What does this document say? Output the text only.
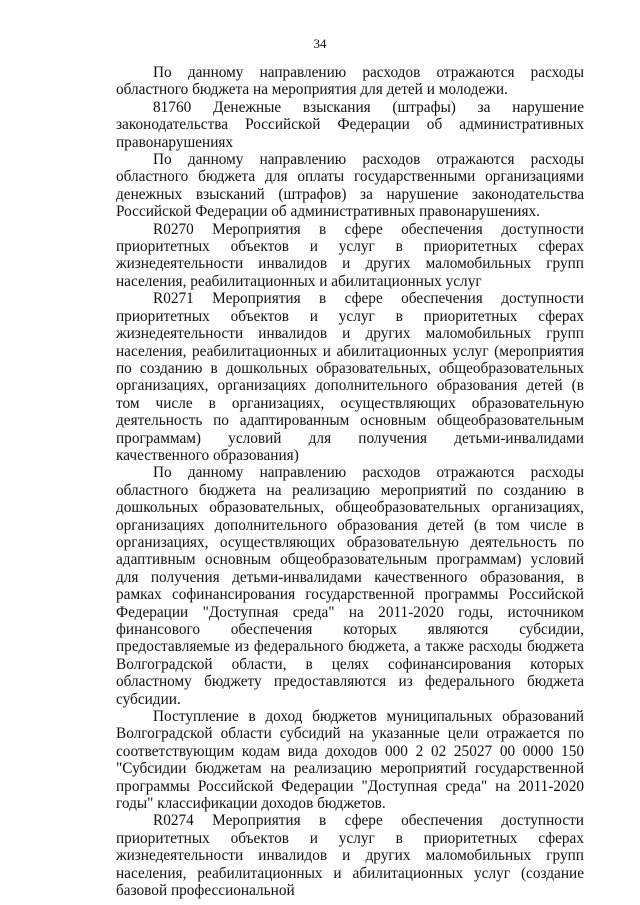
34

По данному направлению расходов отражаются расходы областного бюджета на мероприятия для детей и молодежи.

81760 Денежные взыскания (штрафы) за нарушение законодательства Российской Федерации об административных правонарушениях

По данному направлению расходов отражаются расходы областного бюджета для оплаты государственными организациями денежных взысканий (штрафов) за нарушение законодательства Российской Федерации об административных правонарушениях.

R0270 Мероприятия в сфере обеспечения доступности приоритетных объектов и услуг в приоритетных сферах жизнедеятельности инвалидов и других маломобильных групп населения, реабилитационных и абилитационных услуг

R0271 Мероприятия в сфере обеспечения доступности приоритетных объектов и услуг в приоритетных сферах жизнедеятельности инвалидов и других маломобильных групп населения, реабилитационных и абилитационных услуг (мероприятия по созданию в дошкольных образовательных, общеобразовательных организациях, организациях дополнительного образования детей (в том числе в организациях, осуществляющих образовательную деятельность по адаптированным основным общеобразовательным программам) условий для получения детьми-инвалидами качественного образования)

По данному направлению расходов отражаются расходы областного бюджета на реализацию мероприятий по созданию в дошкольных образовательных, общеобразовательных организациях, организациях дополнительного образования детей (в том числе в организациях, осуществляющих образовательную деятельность по адаптивным основным общеобразовательным программам) условий для получения детьми-инвалидами качественного образования, в рамках софинансирования государственной программы Российской Федерации "Доступная среда" на 2011-2020 годы, источником финансового обеспечения которых являются субсидии, предоставляемые из федерального бюджета, а также расходы бюджета Волгоградской области, в целях софинансирования которых областному бюджету предоставляются из федерального бюджета субсидии.

Поступление в доход бюджетов муниципальных образований Волгоградской области субсидий на указанные цели отражается по соответствующим кодам вида доходов 000 2 02 25027 00 0000 150 "Субсидии бюджетам на реализацию мероприятий государственной программы Российской Федерации "Доступная среда" на 2011-2020 годы" классификации доходов бюджетов.

R0274 Мероприятия в сфере обеспечения доступности приоритетных объектов и услуг в приоритетных сферах жизнедеятельности инвалидов и других маломобильных групп населения, реабилитационных и абилитационных услуг (создание базовой профессиональной
